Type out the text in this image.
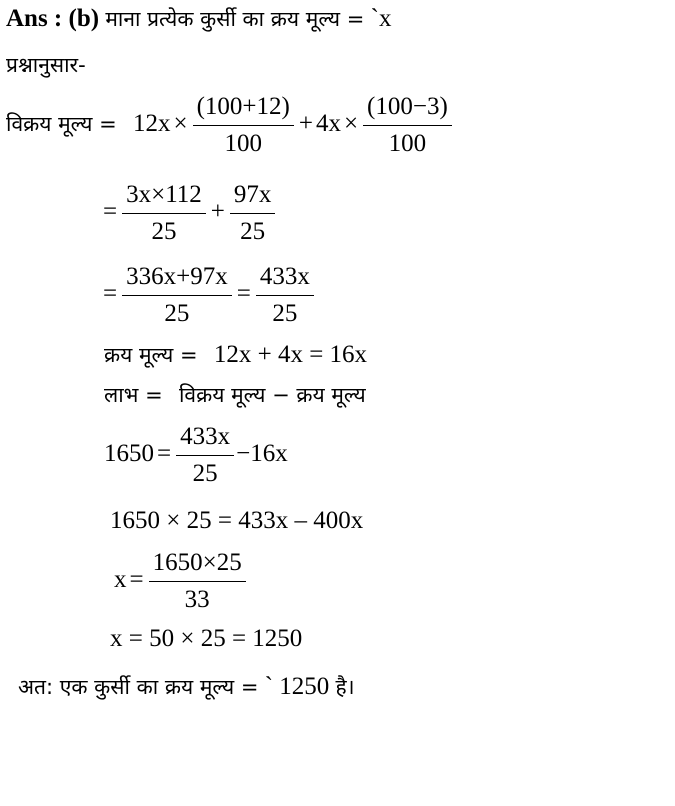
Ans : (b) माना प्रत्येक कुर्सी का क्रय मूल्य = `x
प्रश्नानुसार-
विक्रय मूल्य = $12x \times \frac{(100+12)}{100} + 4x \times \frac{(100-3)}{100}$
= $\frac{3x\times 112}{25} + \frac{97x}{25}$
= $\frac{336x+97x}{25} = \frac{433x}{25}$
क्रय मूल्य = 12x + 4x = 16x
लाभ = विक्रय मूल्य − क्रय मूल्य
$1650 = \frac{433x}{25} -16x$
1650 × 25 = 433x – 400x
$x = \frac{1650\times 25}{33}$
x = 50 × 25 = 1250
अत: एक कुर्सी का क्रय मूल्य = ` 1250 है।
